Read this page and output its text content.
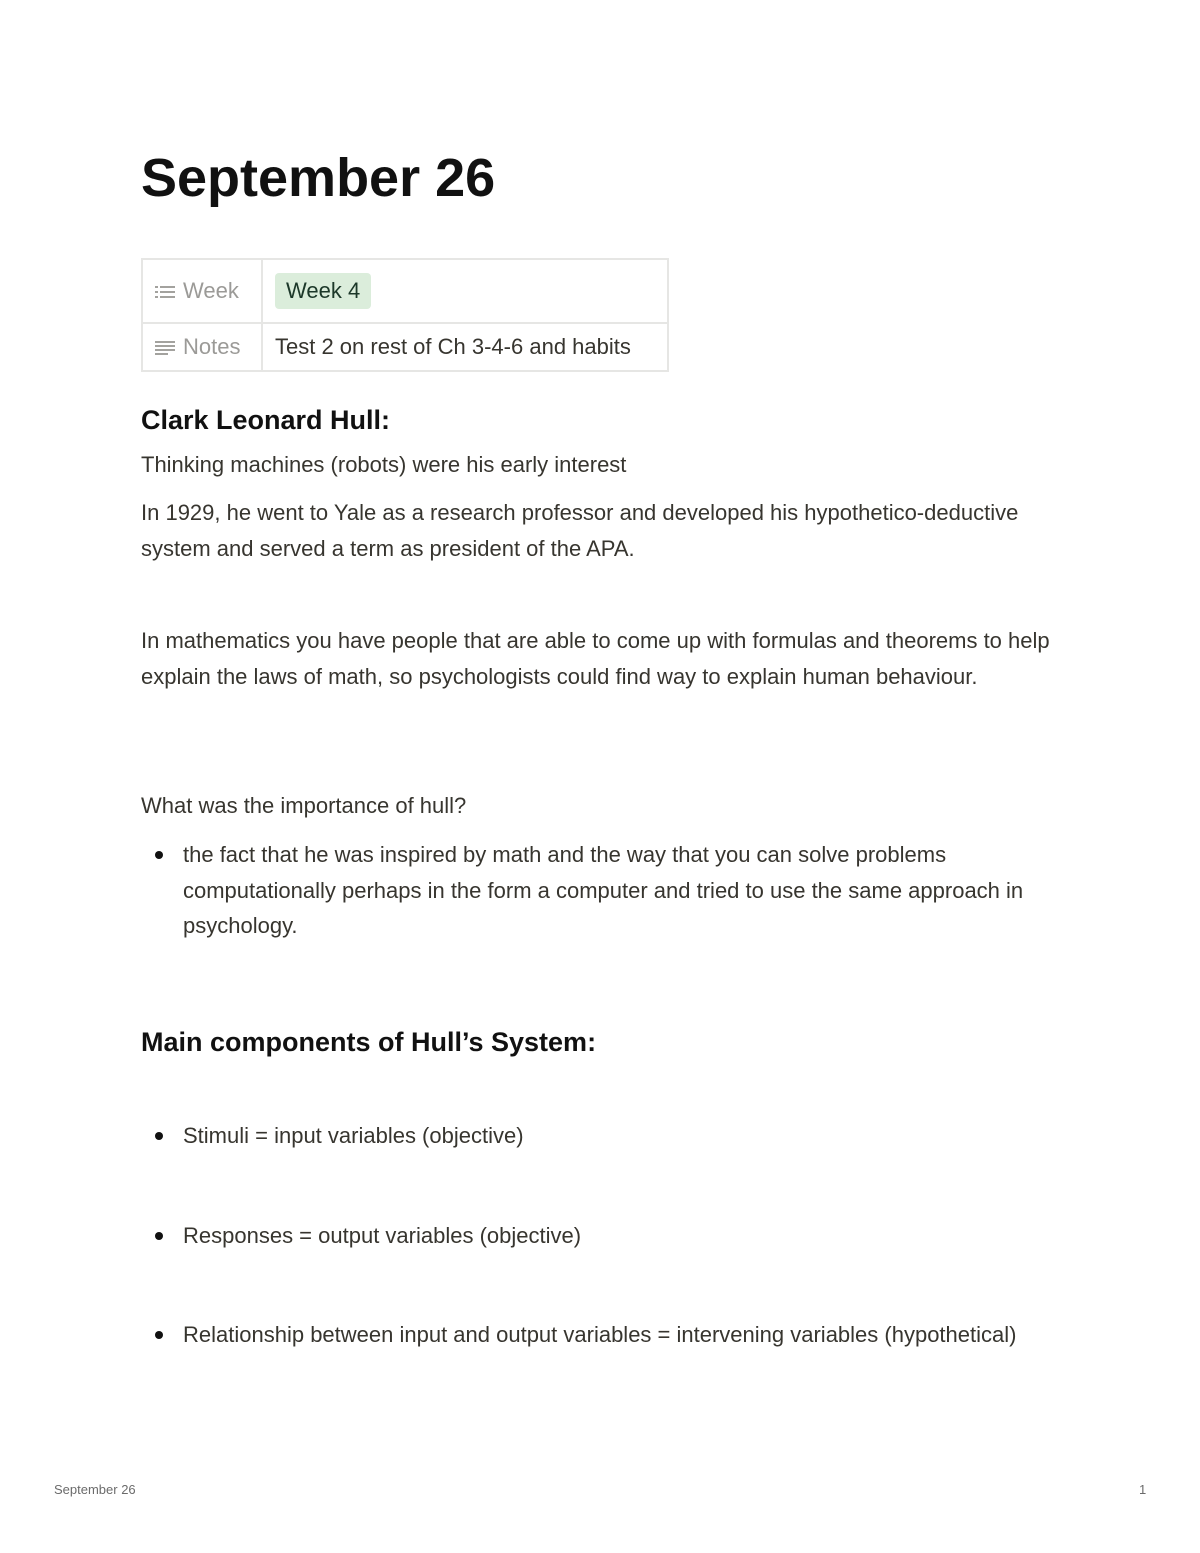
September 26
Week	Week 4
Notes	Test 2 on rest of Ch 3-4-6 and habits
Clark Leonard Hull:

Thinking machines (robots) were his early interest

In 1929, he went to Yale as a research professor and developed his hypothetico-deductive system and served a term as president of the APA.

In mathematics you have people that are able to come up with formulas and theorems to help explain the laws of math, so psychologists could find way to explain human behaviour.

What was the importance of hull?

the fact that he was inspired by math and the way that you can solve problems computationally perhaps in the form a computer and tried to use the same approach in psychology.
Main components of Hull’s System:
Stimuli = input variables (objective)
Responses = output variables (objective)
Relationship between input and output variables = intervening variables (hypothetical)
September 26	1
